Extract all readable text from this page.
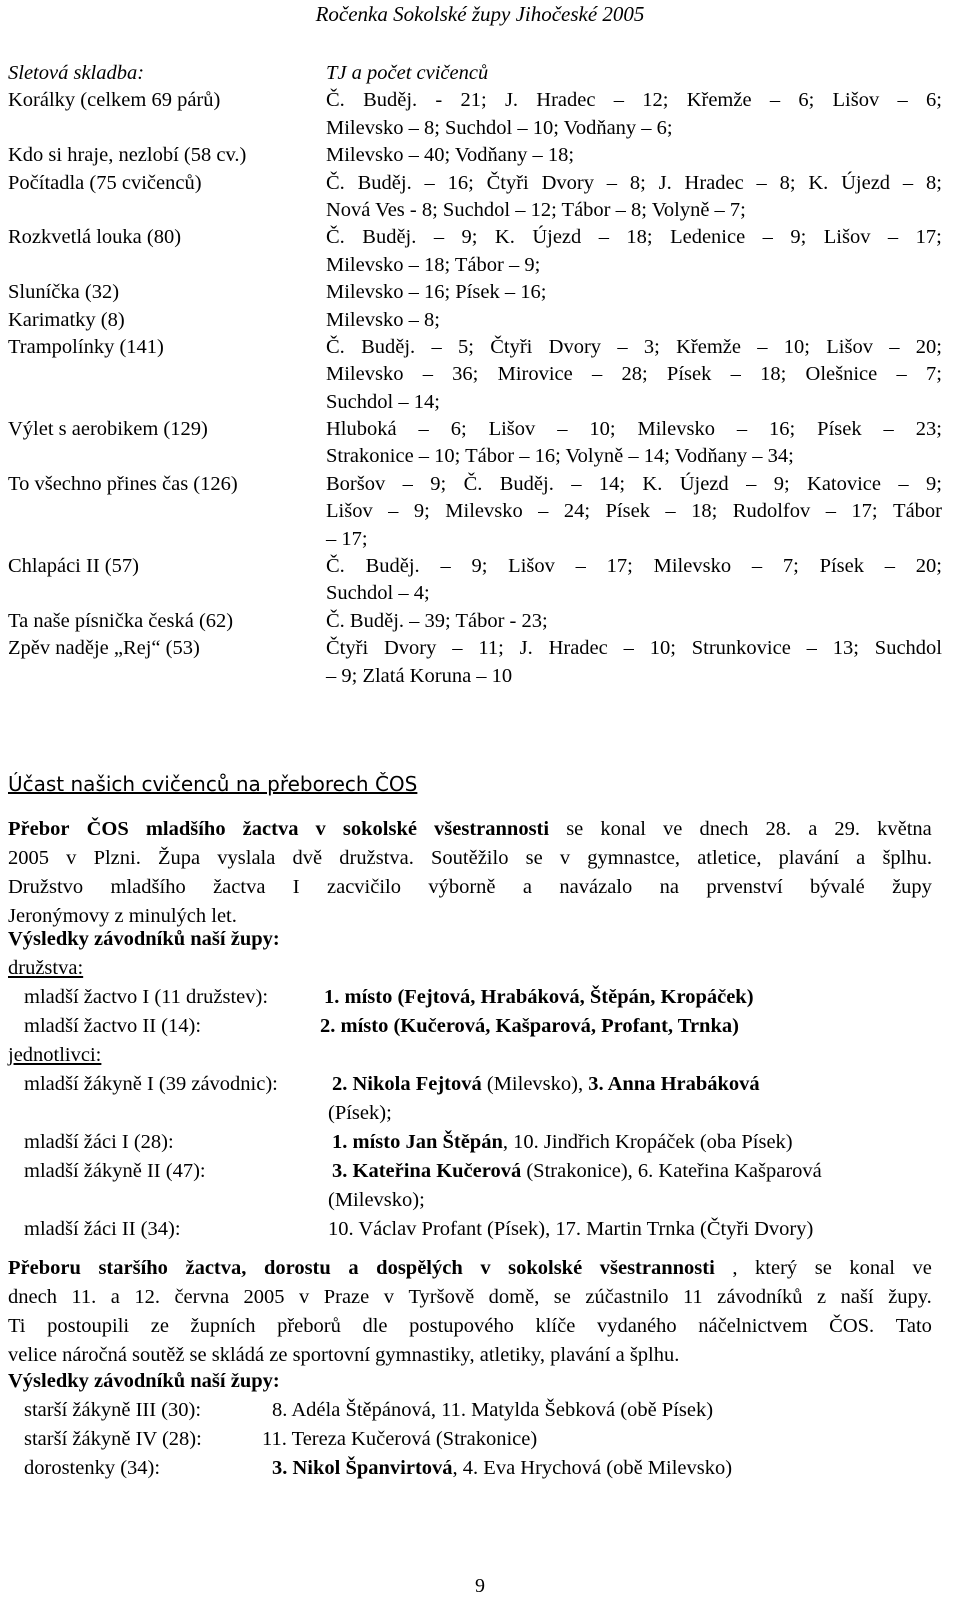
Ročenka Sokolské župy Jihočeské 2005
Sletová skladba:	TJ a počet cvičenců
Korálky (celkem 69 párů)	Č. Buděj. - 21; J. Hradec – 12; Křemže – 6; Lišov – 6;
Milevsko – 8; Suchdol – 10; Vodňany – 6;
Kdo si hraje, nezlobí (58 cv.)	Milevsko – 40; Vodňany – 18;
Počítadla (75 cvičenců)	Č. Buděj. – 16; Čtyři Dvory – 8; J. Hradec – 8; K. Újezd – 8;
Nová Ves - 8; Suchdol – 12; Tábor – 8; Volyně – 7;
Rozkvetlá louka (80)	Č. Buděj. – 9; K. Újezd – 18; Ledenice – 9; Lišov – 17;
Milevsko – 18; Tábor – 9;
Sluníčka (32)	Milevsko – 16; Písek – 16;
Karimatky (8)	Milevsko – 8;
Trampolínky (141)	Č. Buděj. – 5; Čtyři Dvory – 3; Křemže – 10; Lišov – 20;
Milevsko – 36; Mirovice – 28; Písek – 18; Olešnice – 7;
Suchdol – 14;
Výlet s aerobikem (129)	Hluboká – 6; Lišov – 10; Milevsko – 16; Písek – 23;
Strakonice – 10; Tábor – 16; Volyně – 14; Vodňany – 34;
To všechno přines čas (126)	Boršov – 9; Č. Buděj. – 14; K. Újezd – 9; Katovice – 9;
Lišov – 9; Milevsko – 24; Písek – 18; Rudolfov – 17; Tábor
– 17;
Chlapáci II (57)	Č. Buděj. – 9; Lišov – 17; Milevsko – 7; Písek – 20;
Suchdol – 4;
Ta naše písnička česká (62)	Č. Buděj. – 39; Tábor - 23;
Zpěv naděje „Rej“ (53)	Čtyři Dvory – 11; J. Hradec – 10; Strunkovice – 13; Suchdol
– 9; Zlatá Koruna – 10
Účast našich cvičenců na přeborech ČOS
Přebor ČOS mladšího žactva v sokolské všestrannosti se konal ve dnech 28. a 29. května
2005 v Plzni. Župa vyslala dvě družstva. Soutěžilo se v gymnastce, atletice, plavání a šplhu.
Družstvo mladšího žactva I zacvičilo výborně a navázalo na prvenství bývalé župy
Jeronýmovy z minulých let.
Výsledky závodníků naší župy:
družstva:
mladší žactvo I (11 družstev):	1. místo (Fejtová, Hrabáková, Štěpán, Kropáček)
mladší žactvo II (14):	2. místo (Kučerová, Kašparová, Profant, Trnka)
jednotlivci:
mladší žákyně I (39 závodnic):	2. Nikola Fejtová (Milevsko), 3. Anna Hrabáková
(Písek);
mladší žáci I (28):	1. místo Jan Štěpán, 10. Jindřich Kropáček (oba Písek)
mladší žákyně II (47):	3. Kateřina Kučerová (Strakonice), 6. Kateřina Kašparová
(Milevsko);
mladší žáci II (34):	10. Václav Profant (Písek), 17. Martin Trnka (Čtyři Dvory)
Přeboru staršího žactva, dorostu a dospělých v sokolské všestrannosti , který se konal ve
dnech 11. a 12. června 2005 v Praze v Tyršově domě, se zúčastnilo 11 závodníků z naší župy.
Ti postoupili ze župních přeborů dle postupového klíče vydaného náčelnictvem ČOS. Tato
velice náročná soutěž se skládá ze sportovní gymnastiky, atletiky, plavání a šplhu.
Výsledky závodníků naší župy:
starší žákyně III (30):	8. Adéla Štěpánová, 11. Matylda Šebková (obě Písek)
starší žákyně IV (28):	11. Tereza Kučerová (Strakonice)
dorostenky (34):	3. Nikol Španvirtová, 4. Eva Hrychová (obě Milevsko)
9
